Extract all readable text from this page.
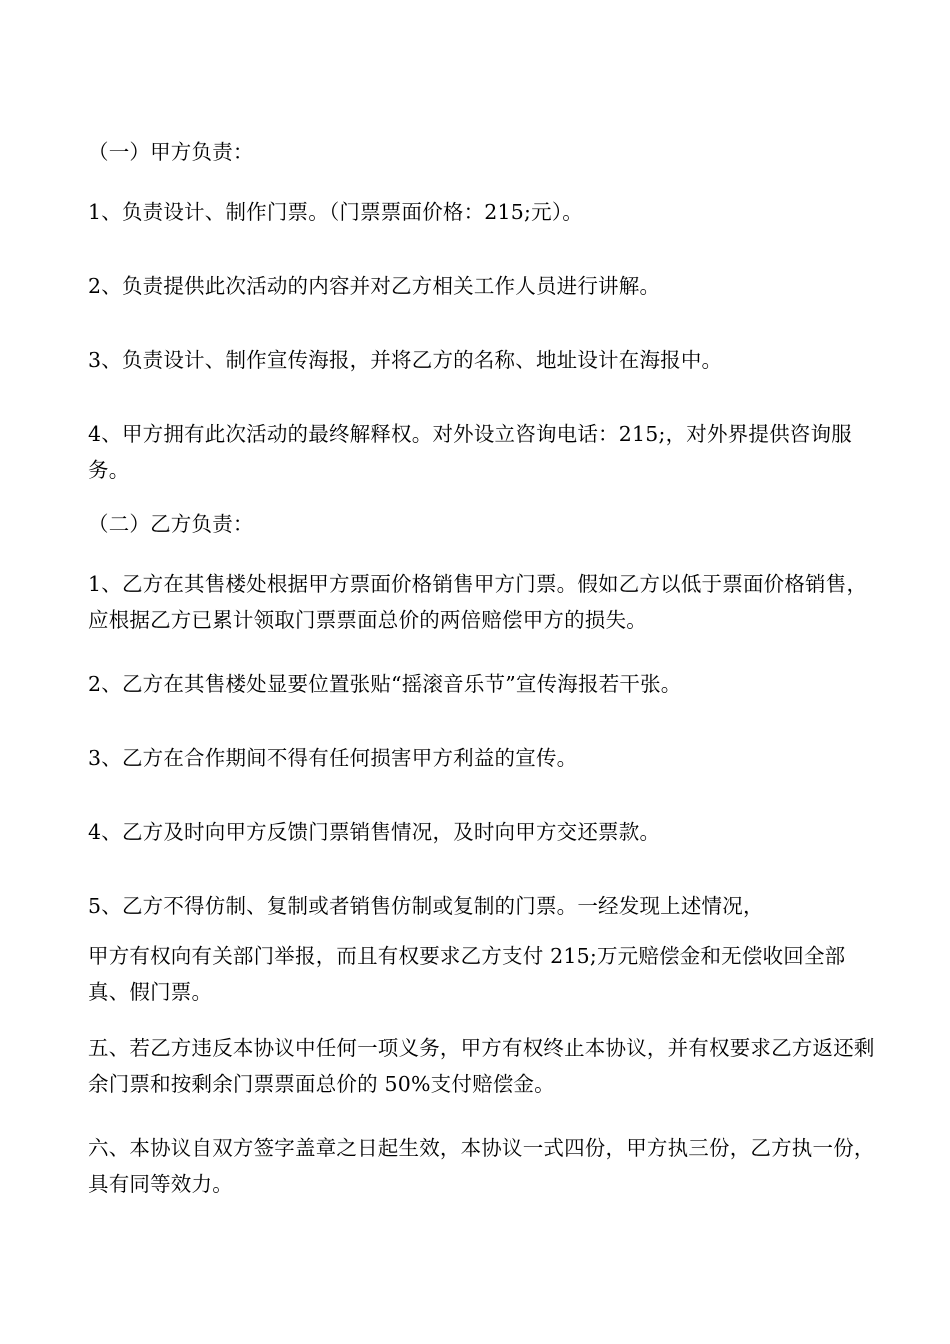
（一）甲方负责：
1、负责设计、制作门票。（门票票面价格：215;元）。
2、负责提供此次活动的内容并对乙方相关工作人员进行讲解。
3、负责设计、制作宣传海报，并将乙方的名称、地址设计在海报中。
4、甲方拥有此次活动的最终解释权。对外设立咨询电话：215;，对外界提供咨询服务。
（二）乙方负责：
1、乙方在其售楼处根据甲方票面价格销售甲方门票。假如乙方以低于票面价格销售，应根据乙方已累计领取门票票面总价的两倍赔偿甲方的损失。
2、乙方在其售楼处显要位置张贴“摇滚音乐节”宣传海报若干张。
3、乙方在合作期间不得有任何损害甲方利益的宣传。
4、乙方及时向甲方反馈门票销售情况，及时向甲方交还票款。
5、乙方不得仿制、复制或者销售仿制或复制的门票。一经发现上述情况，
甲方有权向有关部门举报，而且有权要求乙方支付 215;万元赔偿金和无偿收回全部真、假门票。
五、若乙方违反本协议中任何一项义务，甲方有权终止本协议，并有权要求乙方返还剩余门票和按剩余门票票面总价的 50%支付赔偿金。
六、本协议自双方签字盖章之日起生效，本协议一式四份，甲方执三份，乙方执一份，具有同等效力。
